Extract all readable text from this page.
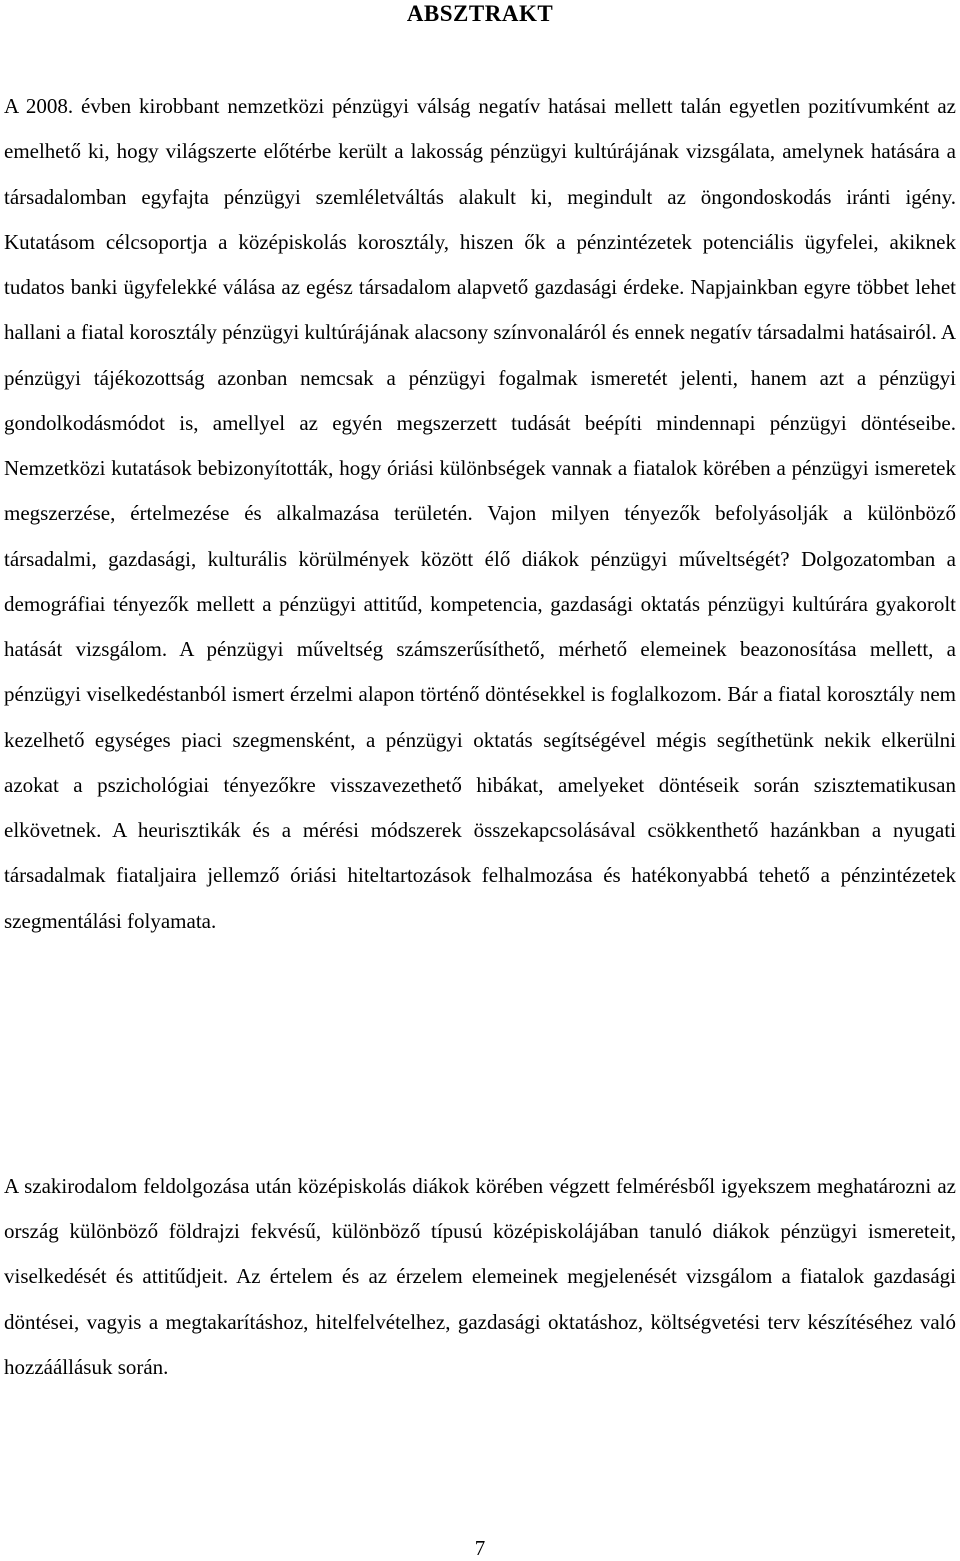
ABSZTRAKT

A 2008. évben kirobbant nemzetközi pénzügyi válság negatív hatásai mellett talán egyetlen pozitívumként az emelhető ki, hogy világszerte előtérbe került a lakosság pénzügyi kultúrájának vizsgálata, amelynek hatására a társadalomban egyfajta pénzügyi szemléletváltás alakult ki, megindult az öngondoskodás iránti igény. Kutatásom célcsoportja a középiskolás korosztály, hiszen ők a pénzintézetek potenciális ügyfelei, akiknek tudatos banki ügyfelekké válása az egész társadalom alapvető gazdasági érdeke. Napjainkban egyre többet lehet hallani a fiatal korosztály pénzügyi kultúrájának alacsony színvonaláról és ennek negatív társadalmi hatásairól. A pénzügyi tájékozottság azonban nemcsak a pénzügyi fogalmak ismeretét jelenti, hanem azt a pénzügyi gondolkodásmódot is, amellyel az egyén megszerzett tudását beépíti mindennapi pénzügyi döntéseibe. Nemzetközi kutatások bebizonyították, hogy óriási különbségek vannak a fiatalok körében a pénzügyi ismeretek megszerzése, értelmezése és alkalmazása területén. Vajon milyen tényezők befolyásolják a különböző társadalmi, gazdasági, kulturális körülmények között élő diákok pénzügyi műveltségét? Dolgozatomban a demográfiai tényezők mellett a pénzügyi attitűd, kompetencia, gazdasági oktatás pénzügyi kultúrára gyakorolt hatását vizsgálom. A pénzügyi műveltség számszerűsíthető, mérhető elemeinek beazonosítása mellett, a pénzügyi viselkedéstanból ismert érzelmi alapon történő döntésekkel is foglalkozom. Bár a fiatal korosztály nem kezelhető egységes piaci szegmensként, a pénzügyi oktatás segítségével mégis segíthetünk nekik elkerülni azokat a pszichológiai tényezőkre visszavezethető hibákat, amelyeket döntéseik során szisztematikusan elkövetnek. A heurisztikák és a mérési módszerek összekapcsolásával csökkenthető hazánkban a nyugati társadalmak fiataljaira jellemző óriási hiteltartozások felhalmozása és hatékonyabbá tehető a pénzintézetek szegmentálási folyamata.

A szakirodalom feldolgozása után középiskolás diákok körében végzett felmérésből igyekszem meghatározni az ország különböző földrajzi fekvésű, különböző típusú középiskolájában tanuló diákok pénzügyi ismereteit, viselkedését és attitűdjeit. Az értelem és az érzelem elemeinek megjelenését vizsgálom a fiatalok gazdasági döntései, vagyis a megtakarításhoz, hitelfelvételhez, gazdasági oktatáshoz, költségvetési terv készítéséhez való hozzáállásuk során.

7
